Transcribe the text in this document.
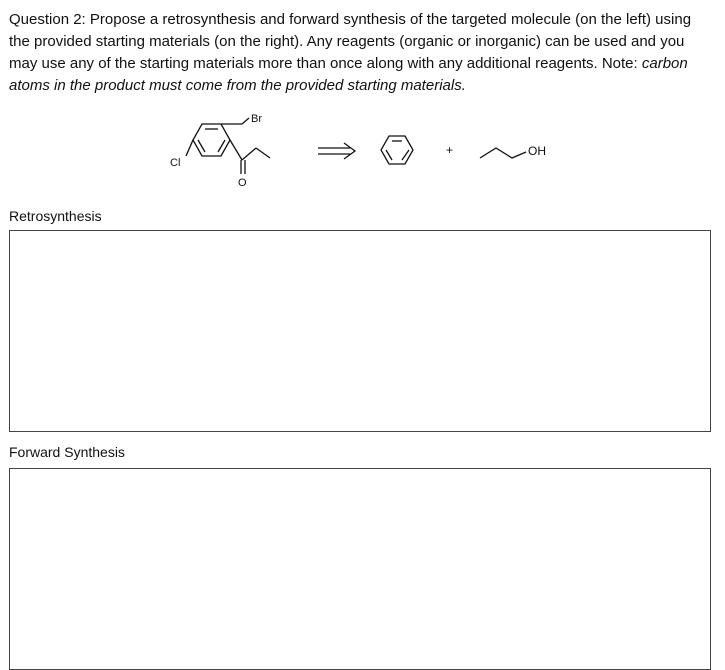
Question 2: Propose a retrosynthesis and forward synthesis of the targeted molecule (on the left) using the provided starting materials (on the right). Any reagents (organic or inorganic) can be used and you may use any of the starting materials more than once along with any additional reagents. Note: carbon atoms in the product must come from the provided starting materials.
Br
Cl
O
+	OH
Retrosynthesis
Forward Synthesis
